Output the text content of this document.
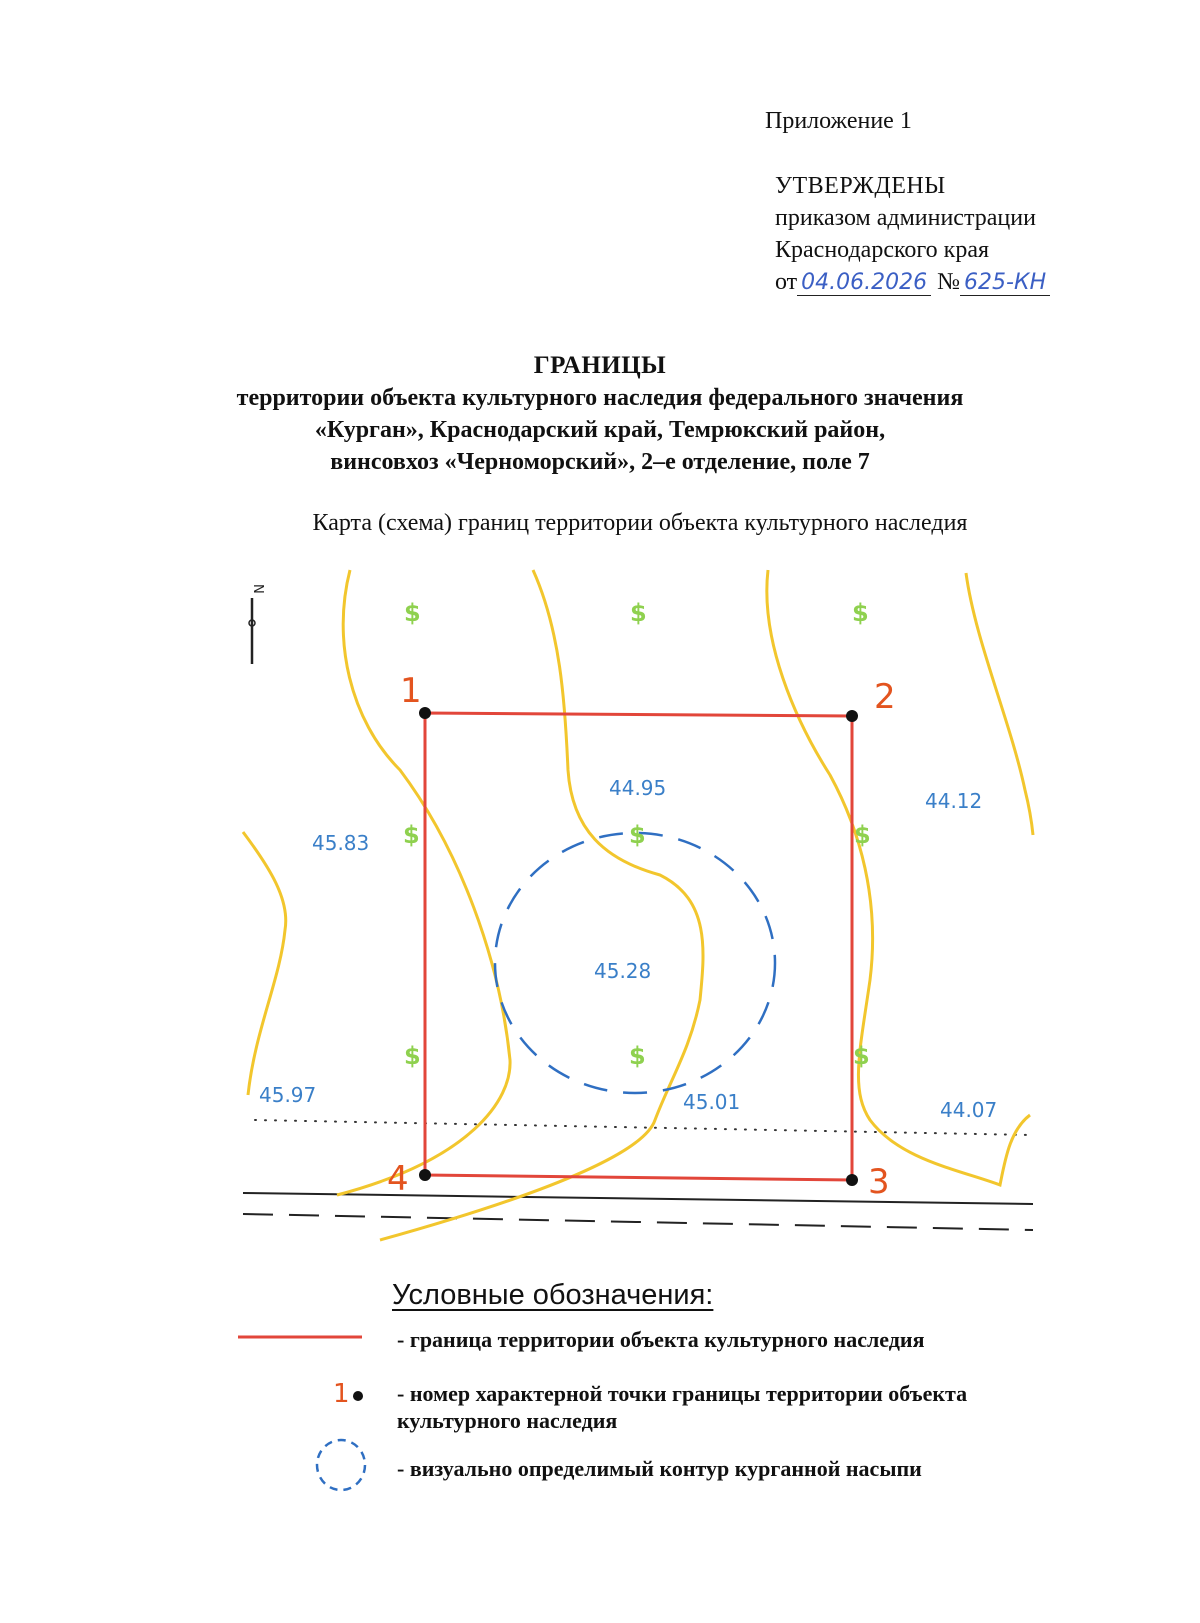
Приложение 1
УТВЕРЖДЕНЫ
приказом администрации
Краснодарского края
от 04.06.2026 № 625-КН
ГРАНИЦЫ
территории объекта культурного наследия федерального значения
«Курган», Краснодарский край, Темрюкский район,
винсовхоз «Черноморский», 2–е отделение, поле 7
Карта (схема) границ территории объекта культурного наследия
1	2
3
4
45.83
44.95
44.12
45.28
45.97	45.01	44.07
$	$	$
$	$	$
$	$	$
N
Условные обозначения:
- граница территории объекта культурного наследия
1 - номер характерной точки границы территории объекта культурного наследия
- визуально определимый контур курганной насыпи
